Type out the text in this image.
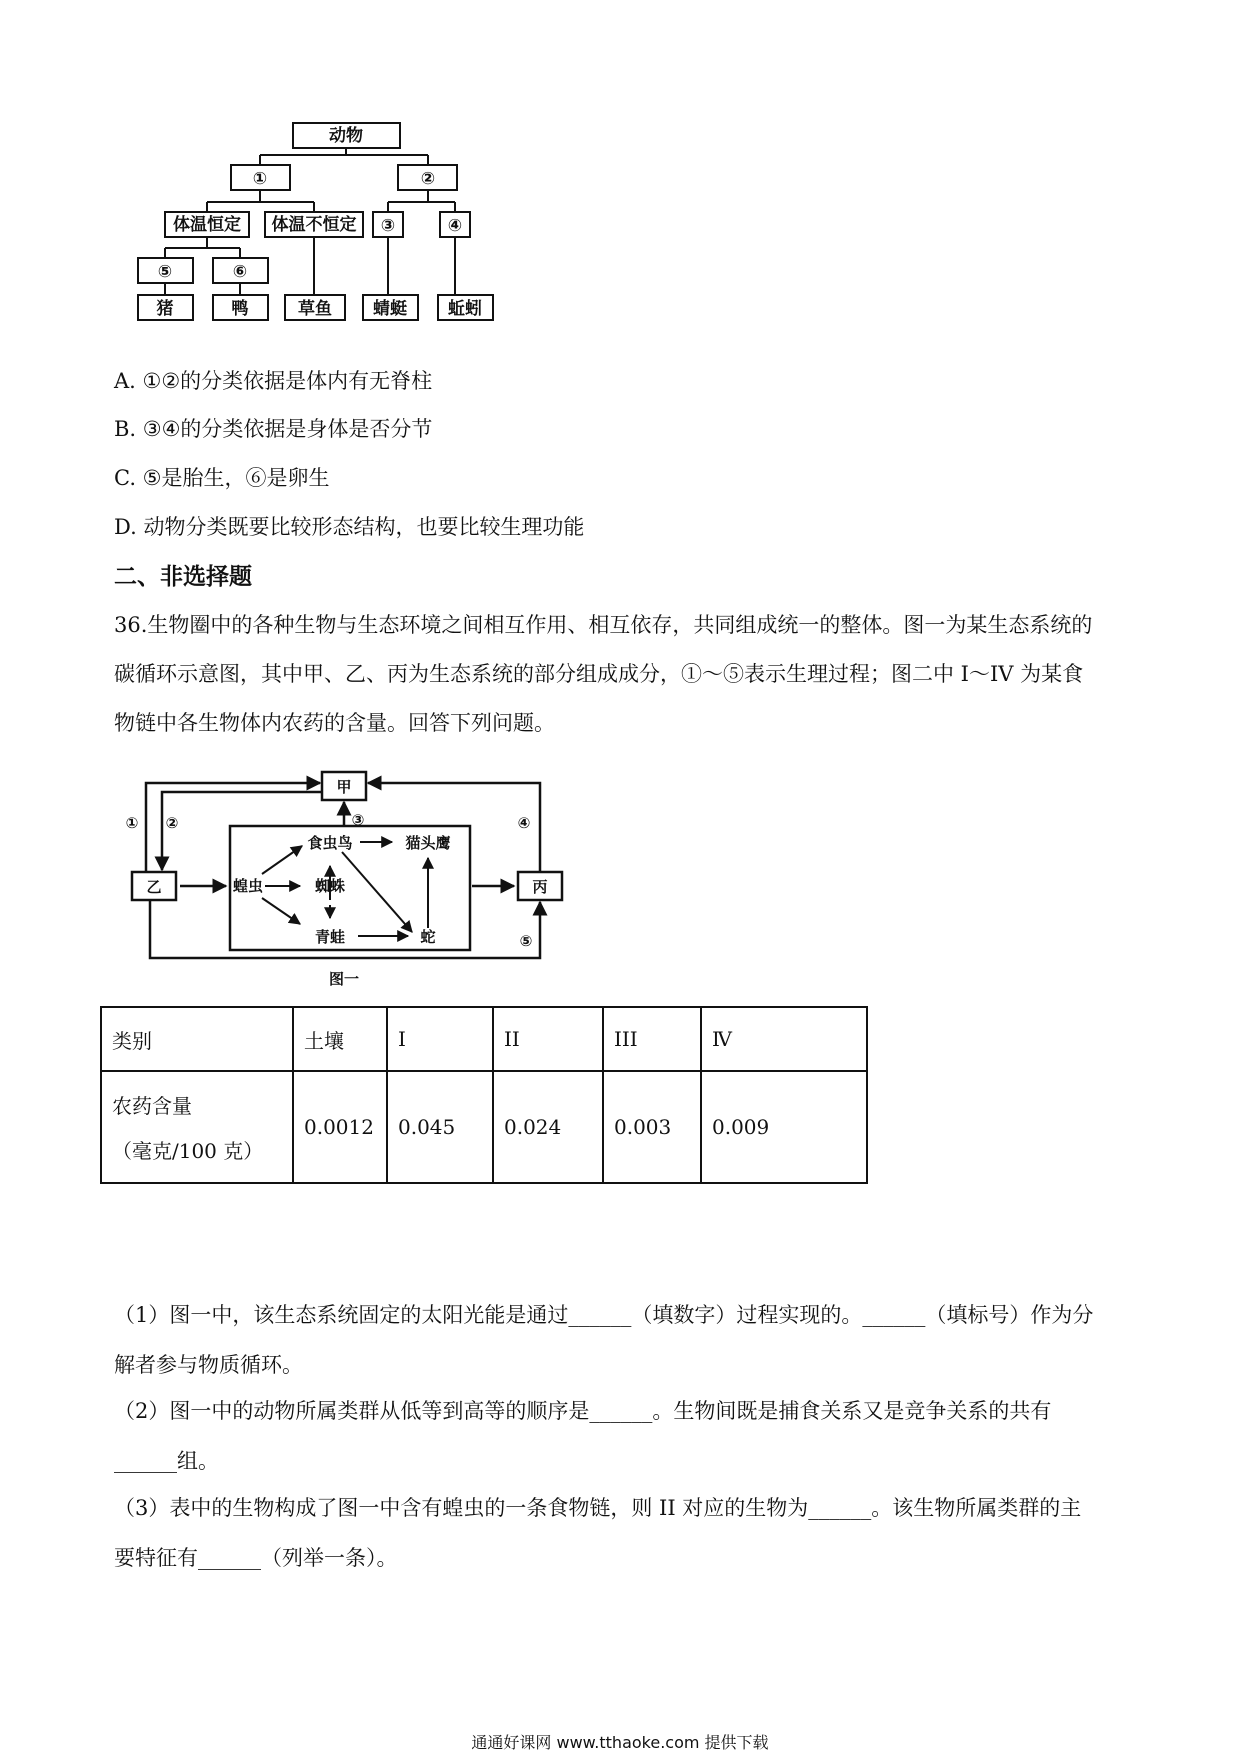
动物
①	②
体温恒定 体温不恒定 ③	④
⑤	⑥
猪	鸭	草鱼 蜻蜓 蚯蚓
A. ①②的分类依据是体内有无脊柱
B. ③④的分类依据是身体是否分节
C. ⑤是胎生，⑥是卵生
D. 动物分类既要比较形态结构，也要比较生理功能
二、非选择题
36.生物圈中的各种生物与生态环境之间相互作用、相互依存，共同组成统一的整体。图一为某生态系统的
碳循环示意图，其中甲、乙、丙为生态系统的部分组成成分，①～⑤表示生理过程；图二中 I～IV 为某食
物链中各生物体内农药的含量。回答下列问题。
甲
乙	丙
① ②	③	④
⑤
蝗虫
食虫鸟	猫头鹰
蜘蛛
青蛙	蛇
图一
类别	土壤	I	II	III	Ⅳ

农药含量
（毫克/100 克）	0.0012	0.045	0.024	0.003	0.009
（1）图一中，该生态系统固定的太阳光能是通过______（填数字）过程实现的。______（填标号）作为分
解者参与物质循环。
（2）图一中的动物所属类群从低等到高等的顺序是______。生物间既是捕食关系又是竞争关系的共有
______组。
（3）表中的生物构成了图一中含有蝗虫的一条食物链，则 II 对应的生物为______。该生物所属类群的主
要特征有______（列举一条）。
通通好课网 www.tthaoke.com 提供下载
